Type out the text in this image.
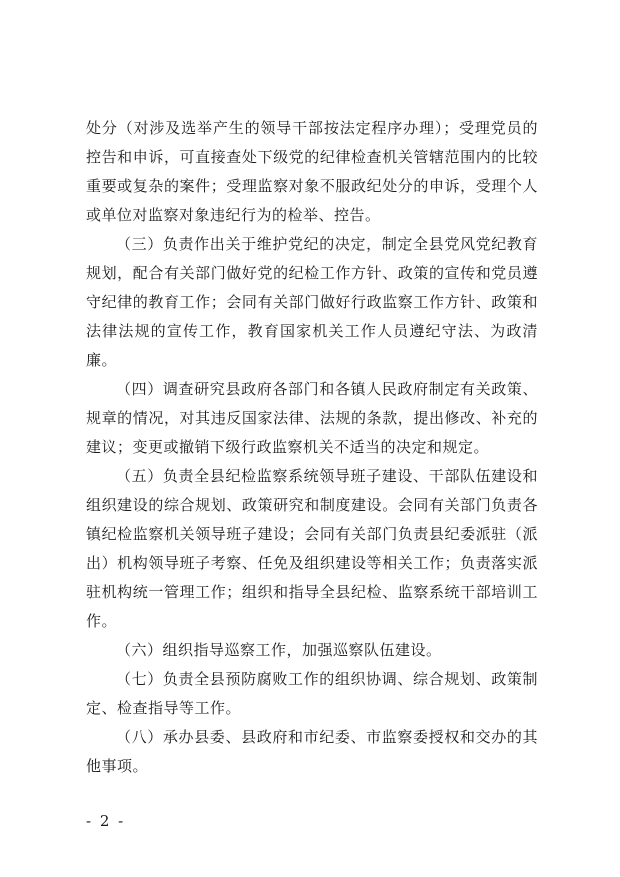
处分（对涉及选举产生的领导干部按法定程序办理）；受理党员的控告和申诉，可直接查处下级党的纪律检查机关管辖范围内的比较重要或复杂的案件；受理监察对象不服政纪处分的申诉，受理个人或单位对监察对象违纪行为的检举、控告。

（三）负责作出关于维护党纪的决定，制定全县党风党纪教育规划，配合有关部门做好党的纪检工作方针、政策的宣传和党员遵守纪律的教育工作；会同有关部门做好行政监察工作方针、政策和法律法规的宣传工作，教育国家机关工作人员遵纪守法、为政清廉。

（四）调查研究县政府各部门和各镇人民政府制定有关政策、规章的情况，对其违反国家法律、法规的条款，提出修改、补充的建议；变更或撤销下级行政监察机关不适当的决定和规定。

（五）负责全县纪检监察系统领导班子建设、干部队伍建设和组织建设的综合规划、政策研究和制度建设。会同有关部门负责各镇纪检监察机关领导班子建设；会同有关部门负责县纪委派驻（派出）机构领导班子考察、任免及组织建设等相关工作；负责落实派驻机构统一管理工作；组织和指导全县纪检、监察系统干部培训工作。

（六）组织指导巡察工作，加强巡察队伍建设。

（七）负责全县预防腐败工作的组织协调、综合规划、政策制定、检查指导等工作。

（八）承办县委、县政府和市纪委、市监察委授权和交办的其他事项。

- 2 -
